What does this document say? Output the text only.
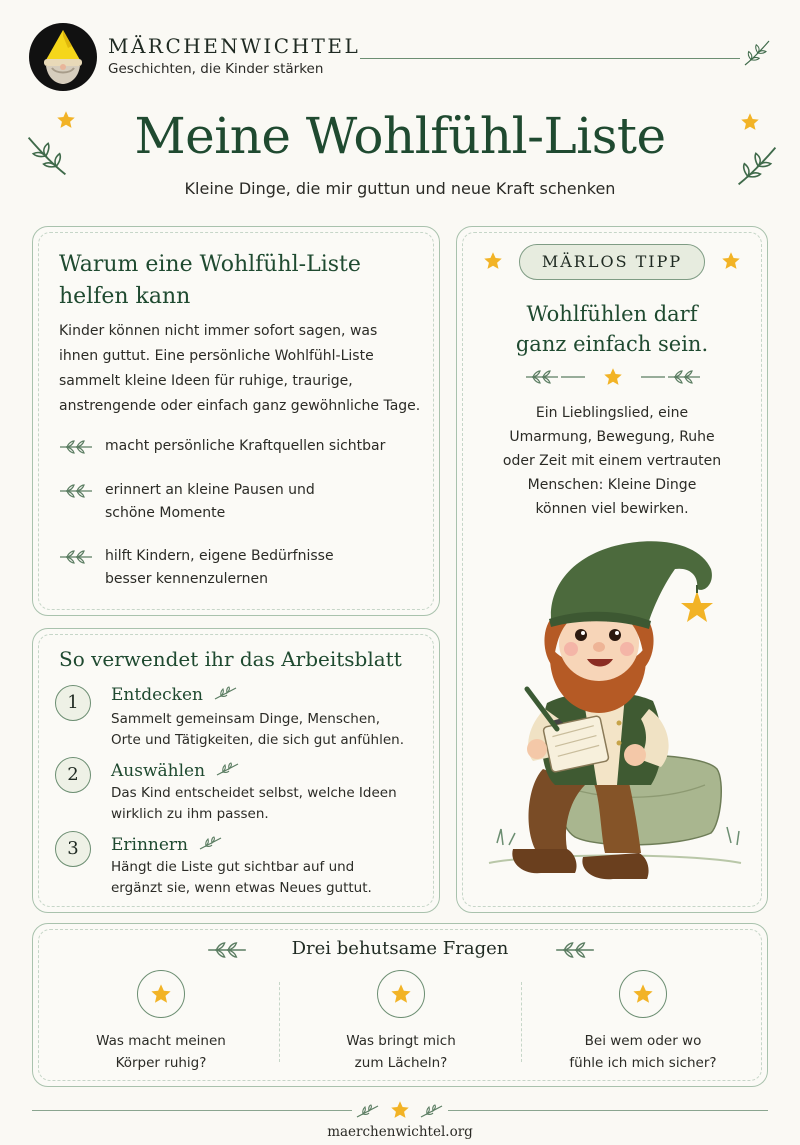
MÄRCHENWICHTEL
Geschichten, die Kinder stärken
Meine Wohlfühl-Liste
Kleine Dinge, die mir guttun und neue Kraft schenken
Warum eine Wohlfühl-Liste
helfen kann
Kinder können nicht immer sofort sagen, was
ihnen guttut. Eine persönliche Wohlfühl-Liste
sammelt kleine Ideen für ruhige, traurige,
anstrengende oder einfach ganz gewöhnliche Tage.
macht persönliche Kraftquellen sichtbar
erinnert an kleine Pausen und
schöne Momente
hilft Kindern, eigene Bedürfnisse
besser kennenzulernen
So verwendet ihr das Arbeitsblatt
1	Entdecken
Sammelt gemeinsam Dinge, Menschen,
Orte und Tätigkeiten, die sich gut anfühlen.
2	Auswählen
Das Kind entscheidet selbst, welche Ideen
wirklich zu ihm passen.
3	Erinnern
Hängt die Liste gut sichtbar auf und
ergänzt sie, wenn etwas Neues guttut.
MÄRLOS TIPP
Wohlfühlen darf
ganz einfach sein.
Ein Lieblingslied, eine
Umarmung, Bewegung, Ruhe
oder Zeit mit einem vertrauten
Menschen: Kleine Dinge
können viel bewirken.
Drei behutsame Fragen
Was macht meinen
Körper ruhig?
Was bringt mich
zum Lächeln?
Bei wem oder wo
fühle ich mich sicher?
maerchenwichtel.org
